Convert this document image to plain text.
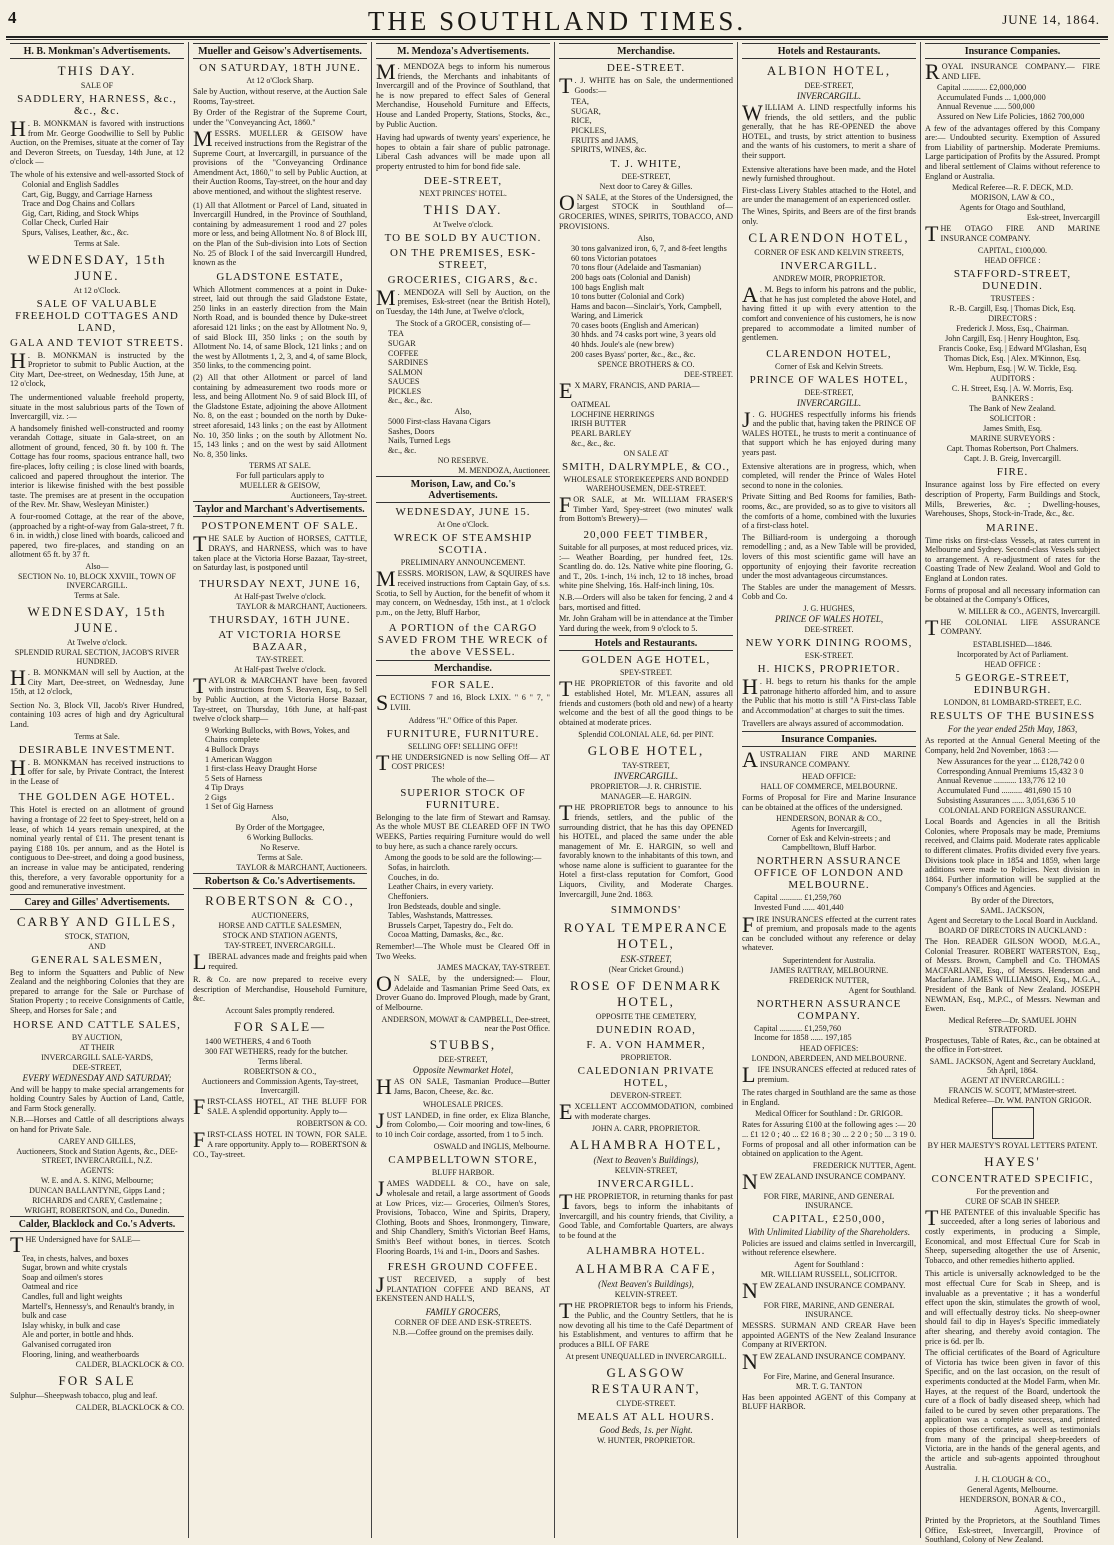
4	THE SOUTHLAND TIMES.	JUNE 14, 1864.
H. B. Monkman's Advertisements.
THIS DAY.
SALE OF
SADDLERY, HARNESS, &c., &c., &c.
H . B. MONKMAN is favored with instructions from Mr. George Goodwillie to Sell by Public Auction, on the Premises, situate at the corner of Tay and Deveron Streets, on Tuesday, 14th June, at 12 o'clock —
The whole of his extensive and well-assorted Stock of
Colonial and English Saddles
Cart, Gig, Buggy, and Carriage Harness
Trace and Dog Chains and Collars
Gig, Cart, Riding, and Stock Whips
Collar Check, Curled Hair
Spurs, Valises, Leather, &c., &c.
Terms at Sale.
WEDNESDAY, 15th JUNE.
At 12 o'Clock.
SALE OF VALUABLE FREEHOLD COTTAGES AND LAND,
GALA AND TEVIOT STREETS.
H . B. MONKMAN is instructed by the Proprietor to submit to Public Auction, at the City Mart, Dee-street, on Wednesday, 15th June, at 12 o'clock,
The undermentioned valuable freehold property, situate in the most salubrious parts of the Town of Invercargill, viz. :—
A handsomely finished well-constructed and roomy verandah Cottage, situate in Gala-street, on an allotment of ground, fenced, 30 ft. by 100 ft. The Cottage has four rooms, spacious entrance hall, two fire-places, lofty ceiling ; is close lined with boards, calicoed and papered throughout the interior. The interior is likewise finished with the best possible taste. The premises are at present in the occupation of the Rev. Mr. Shaw, Wesleyan Minister.)
A four-roomed Cottage, at the rear of the above, (approached by a right-of-way from Gala-street, 7 ft. 6 in. in width,) close lined with boards, calicoed and papered, two fire-places, and standing on an allotment 65 ft. by 37 ft.
Also—
SECTION No. 10, BLOCK XXVIII., TOWN OF INVERCARGILL.
Terms at Sale.
WEDNESDAY, 15th JUNE.
At Twelve o'clock.
SPLENDID RURAL SECTION, JACOB'S RIVER HUNDRED.
H . B. MONKMAN will sell by Auction, at the City Mart, Dee-street, on Wednesday, June 15th, at 12 o'clock,
Section No. 3, Block VII, Jacob's River Hundred, containing 103 acres of high and dry Agricultural Land.
Terms at Sale.
DESIRABLE INVESTMENT.
H . B. MONKMAN has received instructions to offer for sale, by Private Contract, the Interest in the Lease of
THE GOLDEN AGE HOTEL.
This Hotel is erected on an allotment of ground having a frontage of 22 feet to Spey-street, held on a lease, of which 14 years remain unexpired, at the nominal yearly rental of £11. The present tenant is paying £188 10s. per annum, and as the Hotel is contiguous to Dee-street, and doing a good business, an increase in value may be anticipated, rendering this, therefore, a very favorable opportunity for a good and remunerative investment.
Carey and Gilles' Advertisements.
CARBY AND GILLES,
STOCK, STATION,
AND
GENERAL SALESMEN,
Beg to inform the Squatters and Public of New Zealand and the neighboring Colonies that they are prepared to arrange for the Sale or Purchase of Station Property ; to receive Consignments of Cattle, Sheep, and Horses for Sale ; and
HORSE AND CATTLE SALES,
BY AUCTION,
AT THEIR
INVERCARGILL SALE-YARDS,
DEE-STREET,
EVERY WEDNESDAY AND SATURDAY;
And will be happy to make special arrangements for holding Country Sales by Auction of Land, Cattle, and Farm Stock generally.
N.B.—Horses and Cattle of all descriptions always on hand for Private Sale.
CAREY AND GILLES,
Auctioneers, Stock and Station Agents, &c., DEE-STREET, INVERCARGILL, N.Z.
AGENTS:
W. E. and A. S. KING, Melbourne;
DUNCAN BALLANTYNE, Gipps Land ;
RICHARDS and CAREY, Castlemaine ;
WRIGHT, ROBERTSON, and Co., Dunedin.
Calder, Blacklock and Co.'s Adverts.
THE Undersigned have for SALE—
Tea, in chests, halves, and boxes
Sugar, brown and white crystals
Soap and oilmen's stores
Oatmeal and rice
Candles, full and light weights
Martell's, Hennessy's, and Renault's brandy, in bulk and case
Islay whisky, in bulk and case
Ale and porter, in bottle and hhds.
Galvanised corrugated iron
Flooring, lining, and weatherboards
CALDER, BLACKLOCK & CO.
FOR SALE
Sulphur—Sheepwash tobacco, plug and leaf.
CALDER, BLACKLOCK & CO.
Mueller and Geisow's Advertisements.
ON SATURDAY, 18TH JUNE.
At 12 o'Clock Sharp.
Sale by Auction, without reserve, at the Auction Sale Rooms, Tay-street.
By Order of the Registrar of the Supreme Court, under the "Conveyancing Act, 1860."
MESSRS. MUELLER & GEISOW have received instructions from the Registrar of the Supreme Court, at Invercargill, in pursuance of the provisions of the "Conveyancing Ordinance Amendment Act, 1860," to sell by Public Auction, at their Auction Rooms, Tay-street, on the hour and day above mentioned, and without the slightest reserve.
(1) All that Allotment or Parcel of Land, situated in Invercargill Hundred, in the Province of Southland, containing by admeasurement 1 rood and 27 poles more or less, and being Allotment No. 8 of Block III, on the Plan of the Sub-division into Lots of Section No. 25 of Block I of the said Invercargill Hundred, known as the
GLADSTONE ESTATE,
Which Allotment commences at a point in Duke-street, laid out through the said Gladstone Estate, 250 links in an easterly direction from the Main North Road, and is bounded thence by Duke-street aforesaid 121 links ; on the east by Allotment No. 9, of said Block III, 350 links ; on the south by Allotment No. 14, of same Block, 121 links ; and on the west by Allotments 1, 2, 3, and 4, of same Block, 350 links, to the commencing point.
(2) All that other Allotment or parcel of land containing by admeasurement two roods more or less, and being Allotment No. 9 of said Block III, of the Gladstone Estate, adjoining the above Allotment No. 8, on the east ; bounded on the north by Duke-street aforesaid, 143 links ; on the east by Allotment No. 10, 350 links ; on the south by Allotment No. 15, 143 links ; and on the west by said Allotment No. 8, 350 links.
TERMS AT SALE.
For full particulars apply to
MUELLER & GEISOW,
Auctioneers, Tay-street.
Taylor and Marchant's Advertisements.
POSTPONEMENT OF SALE.
THE SALE by Auction of HORSES, CATTLE, DRAYS, and HARNESS, which was to have taken place at the Victoria Horse Bazaar, Tay-street, on Saturday last, is postponed until
THURSDAY NEXT, JUNE 16,
At Half-past Twelve o'clock.
TAYLOR & MARCHANT, Auctioneers.
THURSDAY, 16TH JUNE.
AT VICTORIA HORSE BAZAAR,
TAY-STREET.
At Half-past Twelve o'clock.
TAYLOR & MARCHANT have been favored with instructions from S. Beaven, Esq., to Sell by Public Auction, at the Victoria Horse Bazaar, Tay-street, on Thursday, 16th June, at half-past twelve o'clock sharp—
9 Working Bullocks, with Bows, Yokes, and Chains complete
4 Bullock Drays
1 American Waggon
1 first-class Heavy Draught Horse
5 Sets of Harness
4 Tip Drays
2 Gigs
1 Set of Gig Harness
Also,
By Order of the Mortgagee,
6 Working Bullocks.
No Reserve.
Terms at Sale.
TAYLOR & MARCHANT, Auctioneers.
Robertson & Co.'s Advertisements.
ROBERTSON & CO.,
AUCTIONEERS,
HORSE AND CATTLE SALESMEN,
STOCK AND STATION AGENTS,
TAY-STREET, INVERCARGILL.
LIBERAL advances made and freights paid when required.
R. & Co. are now prepared to receive every description of Merchandise, Household Furniture, &c.
Account Sales promptly rendered.
FOR SALE—
1400 WETHERS, 4 and 6 Tooth
300 FAT WETHERS, ready for the butcher.
Terms liberal.
ROBERTSON & CO.,
Auctioneers and Commission Agents, Tay-street, Invercargill.
FIRST-CLASS HOTEL, AT THE BLUFF FOR SALE. A splendid opportunity. Apply to—
ROBERTSON & CO.
FIRST-CLASS HOTEL IN TOWN, FOR SALE. A rare opportunity. Apply to— ROBERTSON & CO., Tay-street.
M. Mendoza's Advertisements.
M . MENDOZA begs to inform his numerous friends, the Merchants and inhabitants of Invercargill and of the Province of Southland, that he is now prepared to effect Sales of General Merchandise, Household Furniture and Effects, House and Landed Property, Stations, Stocks, &c., by Public Auction.
Having had upwards of twenty years' experience, he hopes to obtain a fair share of public patronage. Liberal Cash advances will be made upon all property entrusted to him for bond fide sale.
DEE-STREET,
NEXT PRINCES' HOTEL.
THIS DAY.
At Twelve o'clock.
TO BE SOLD BY AUCTION.
ON THE PREMISES, ESK-STREET,
GROCERIES, CIGARS, &c.
M . MENDOZA will Sell by Auction, on the premises, Esk-street (near the British Hotel), on Tuesday, the 14th June, at Twelve o'clock,
The Stock of a GROCER, consisting of—
TEA
SUGAR
COFFEE
SARDINES
SALMON
SAUCES
PICKLES
&c., &c., &c.
Also,
5000 First-class Havana Cigars
Sashes, Doors
Nails, Turned Legs
&c., &c.
NO RESERVE.
M. MENDOZA, Auctioneer.
Morison, Law, and Co.'s Advertisements.
WEDNESDAY, JUNE 15.
At One o'Clock.
WRECK OF STEAMSHIP SCOTIA.
PRELIMINARY ANNOUNCEMENT.
MESSRS. MORISON, LAW, & SQUIRES have received instructions from Captain Gay, of s.s. Scotia, to Sell by Auction, for the benefit of whom it may concern, on Wednesday, 15th inst., at 1 o'clock p.m., on the Jetty, Bluff Harbor,
A PORTION of the CARGO SAVED FROM THE WRECK of the above VESSEL.
Merchandise.
FOR SALE.
SECTIONS 7 and 16, Block LXIX. " 6 " 7, " LVIII.
Address "H." Office of this Paper.
FURNITURE, FURNITURE.
SELLING OFF! SELLING OFF!!
THE UNDERSIGNED is now Selling Off— AT COST PRICES!
The whole of the—
SUPERIOR STOCK OF FURNITURE.
Belonging to the late firm of Stewart and Ramsay. As the whole MUST BE CLEARED OFF IN TWO WEEKS, Parties requiring Furniture would do well to buy here, as such a chance rarely occurs.
Among the goods to be sold are the following:—
Sofas, in haircloth.
Couches, in do.
Leather Chairs, in every variety.
Cheffoniers.
Iron Bedsteads, double and single.
Tables, Washstands, Mattresses.
Brussels Carpet, Tapestry do., Felt do.
Cocoa Matting, Damasks, &c., &c.
Remember!—The Whole must be Cleared Off in Two Weeks.
JAMES MACKAY, TAY-STREET.
O N SALE, by the undersigned:— Flour, Adelaide and Tasmanian Prime Seed Oats, ex Drover Guano do. Improved Plough, made by Grant, of Melbourne.
ANDERSON, MOWAT & CAMPBELL, Dee-street, near the Post Office.
STUBBS,
DEE-STREET,
Opposite Newmarket Hotel,
HAS ON SALE, Tasmanian Produce—Butter Jams, Bacon, Cheese, &c. &c.
WHOLESALE PRICES.
JUST LANDED, in fine order, ex Eliza Blanche, from Colombo,— Coir mooring and tow-lines, 6 to 10 inch Coir cordage, assorted, from 1 to 5 inch.
OSWALD and INGLIS, Melbourne.
CAMPBELLTOWN STORE,
BLUFF HARBOR.
JAMES WADDELL & CO., have on sale, wholesale and retail, a large assortment of Goods at Low Prices, viz:— Groceries, Oilmen's Stores, Provisions, Tobacco, Wine and Spirits, Drapery, Clothing, Boots and Shoes, Ironmongery, Tinware, and Ship Chandlery, Smith's Victorian Beef Hams, Smith's Beef without bones, in tierces. Scotch Flooring Boards, 1¼ and 1-in., Doors and Sashes.
FRESH GROUND COFFEE.
JUST RECEIVED, a supply of best PLANTATION COFFEE AND BEANS, AT EKENSTEEN AND HALL'S,
FAMILY GROCERS,
CORNER OF DEE AND ESK-STREETS.
N.B.—Coffee ground on the premises daily.
Merchandise.
DEE-STREET.
T . J. WHITE has on Sale, the undermentioned Goods:—
TEA,
SUGAR,
RICE,
PICKLES,
FRUITS and JAMS,
SPIRITS, WINES, &c.
T. J. WHITE,
DEE-STREET,
Next door to Carey & Gilles.
O N SALE, at the Stores of the Undersigned, the largest STOCK in Southland of— GROCERIES, WINES, SPIRITS, TOBACCO, AND PROVISIONS.
Also,
30 tons galvanized iron, 6, 7, and 8-feet lengths
60 tons Victorian potatoes
70 tons flour (Adelaide and Tasmanian)
200 bags oats (Colonial and Danish)
100 bags English malt
10 tons butter (Colonial and Cork)
Hams and bacon—Sinclair's, York, Campbell, Waring, and Limerick
70 cases boots (English and American)
30 hhds. and 74 casks port wine, 3 years old
40 hhds. Joule's ale (new brew)
200 cases Byass' porter, &c., &c., &c.
SPENCE BROTHERS & CO.
DEE-STREET.
E X MARY, FRANCIS, AND PARIA—
OATMEAL
LOCHFINE HERRINGS
IRISH BUTTER
PEARL BARLEY
&c., &c., &c.
ON SALE AT
SMITH, DALRYMPLE, & CO.,
WHOLESALE STOREKEEPERS AND BONDED WAREHOUSEMEN, DEE-STREET.
FOR SALE, at Mr. WILLIAM FRASER'S Timber Yard, Spey-street (two minutes' walk from Bottom's Brewery)—
20,000 FEET TIMBER,
Suitable for all purposes, at most reduced prices, viz. :— Weather Boarding, per hundred feet, 12s. Scantling do. do. 12s. Native white pine flooring, G. and T., 20s. 1-inch, 1¼ inch, 12 to 18 inches, broad white pine Shelving, 16s. Half-inch lining, 10s.
N.B.—Orders will also be taken for fencing, 2 and 4 bars, mortised and fitted.
Mr. John Graham will be in attendance at the Timber Yard during the week, from 9 o'clock to 5.
Hotels and Restaurants.
GOLDEN AGE HOTEL,
SPEY-STREET.
THE PROPRIETOR of this favorite and old established Hotel, Mr. M'LEAN, assures all friends and customers (both old and new) of a hearty welcome and the best of all the good things to be obtained at moderate prices.
Splendid COLONIAL ALE, 6d. per PINT.
GLOBE HOTEL,
TAY-STREET,
INVERCARGILL.
PROPRIETOR—J. R. CHRISTIE.
MANAGER—E. HARGIN.
THE PROPRIETOR begs to announce to his friends, settlers, and the public of the surrounding district, that he has this day OPENED his HOTEL, and placed the same under the able management of Mr. E. HARGIN, so well and favorably known to the inhabitants of this town, and whose name alone is sufficient to guarantee for the Hotel a first-class reputation for Comfort, Good Liquors, Civility, and Moderate Charges. Invercargill, June 2nd. 1863.
SIMMONDS'
ROYAL TEMPERANCE HOTEL,
ESK-STREET,
(Near Cricket Ground.)
ROSE OF DENMARK HOTEL,
OPPOSITE THE CEMETERY,
DUNEDIN ROAD,
F. A. VON HAMMER,
PROPRIETOR.
CALEDONIAN PRIVATE HOTEL,
DEVERON-STREET.
EXCELLENT ACCOMMODATION, combined with moderate charges.
JOHN A. CARR, PROPRIETOR.
ALHAMBRA HOTEL,
(Next to Beaven's Buildings),
KELVIN-STREET,
INVERCARGILL.
THE PROPRIETOR, in returning thanks for past favors, begs to inform the inhabitants of Invercargill, and his country friends, that Civility, a Good Table, and Comfortable Quarters, are always to be found at the
ALHAMBRA HOTEL.
ALHAMBRA CAFE,
(Next Beaven's Buildings),
KELVIN-STREET.
THE PROPRIETOR begs to inform his Friends, the Public, and the Country Settlers, that he is now devoting all his time to the Café Department of his Establishment, and ventures to affirm that he produces a BILL OF FARE
At present UNEQUALLED in INVERCARGILL.
GLASGOW RESTAURANT,
CLYDE-STREET.
MEALS AT ALL HOURS.
Good Beds, 1s. per Night.
W. HUNTER, PROPRIETOR.
Hotels and Restaurants.
ALBION HOTEL,
DEE-STREET,
INVERCARGILL.
WILLIAM A. LIND respectfully informs his friends, the old settlers, and the public generally, that he has RE-OPENED the above HOTEL, and trusts, by strict attention to business and the wants of his customers, to merit a share of their support.
Extensive alterations have been made, and the Hotel newly furnished throughout.
First-class Livery Stables attached to the Hotel, and are under the management of an experienced ostler.
The Wines, Spirits, and Beers are of the first brands only.
CLARENDON HOTEL,
CORNER OF ESK AND KELVIN STREETS,
INVERCARGILL.
ANDREW MOIR, PROPRIETOR.
A . M. Begs to inform his patrons and the public, that he has just completed the above Hotel, and having fitted it up with every attention to the comfort and convenience of his customers, he is now prepared to accommodate a limited number of gentlemen.
CLARENDON HOTEL,
Corner of Esk and Kelvin Streets.
PRINCE OF WALES HOTEL,
DEE-STREET,
INVERCARGILL.
J . G. HUGHES respectfully informs his friends and the public that, having taken the PRINCE OF WALES HOTEL, he trusts to merit a continuance of that support which he has enjoyed during many years past.
Extensive alterations are in progress, which, when completed, will render the Prince of Wales Hotel second to none in the colonies.
Private Sitting and Bed Rooms for families, Bath-rooms, &c., are provided, so as to give to visitors all the comforts of a home, combined with the luxuries of a first-class hotel.
The Billiard-room is undergoing a thorough remodelling ; and, as a New Table will be provided, lovers of this most scientific game will have an opportunity of enjoying their favorite recreation under the most advantageous circumstances.
The Stables are under the management of Messrs. Cobb and Co.
J. G. HUGHES,
PRINCE OF WALES HOTEL,
DEE-STREET.
NEW YORK DINING ROOMS,
ESK-STREET.
H. HICKS, PROPRIETOR.
H . H. begs to return his thanks for the ample patronage hitherto afforded him, and to assure the Public that his motto is still "A First-class Table and Accommodation" at charges to suit the times.
Travellers are always assured of accommodation.
Insurance Companies.
AUSTRALIAN FIRE AND MARINE INSURANCE COMPANY.
HEAD OFFICE:
HALL OF COMMERCE, MELBOURNE.
Forms of Proposal for Fire and Marine Insurance can be obtained at the offices of the undersigned.
HENDERSON, BONAR & CO.,
Agents for Invercargill,
Corner of Esk and Kelvin-streets ; and Campbelltown, Bluff Harbor.
NORTHERN ASSURANCE OFFICE OF LONDON AND MELBOURNE.
Capital ........... £1,259,760
Invested Fund ...... 401,440
FIRE INSURANCES effected at the current rates of premium, and proposals made to the agents can be concluded without any reference or delay whatever.
Superintendent for Australia.
JAMES RATTRAY, MELBOURNE.
FREDERICK NUTTER,
Agent for Southland.
NORTHERN ASSURANCE COMPANY.
Capital ........... £1,259,760
Income for 1858 ...... 197,185
HEAD OFFICES:
LONDON, ABERDEEN, AND MELBOURNE.
LIFE INSURANCES effected at reduced rates of premium.
The rates charged in Southland are the same as those in England.
Medical Officer for Southland : Dr. GRIGOR.
Rates for Assuring £100 at the following ages :— 20 ... £1 12 0 ; 40 ... £2 16 8 ; 30 ... 2 2 0 ; 50 ... 3 19 0. Forms of proposal and all other information can be obtained on application to the Agent.
FREDERICK NUTTER, Agent.
NEW ZEALAND INSURANCE COMPANY.
FOR FIRE, MARINE, AND GENERAL INSURANCE.
CAPITAL, £250,000,
With Unlimited Liability of the Shareholders.
Policies are issued and claims settled in Invercargill, without reference elsewhere.
Agent for Southland :
MR. WILLIAM RUSSELL, SOLICITOR.
NEW ZEALAND INSURANCE COMPANY.
FOR FIRE, MARINE, AND GENERAL INSURANCE.
MESSRS. SURMAN AND CREAR Have been appointed AGENTS of the New Zealand Insurance Company at RIVERTON.
NEW ZEALAND INSURANCE COMPANY.
For Fire, Marine, and General Insurance.
MR. T. G. TANTON
Has been appointed AGENT of this Company at BLUFF HARBOR.
Insurance Companies.
ROYAL INSURANCE COMPANY.— FIRE AND LIFE.
Capital ............ £2,000,000
Accumulated Funds ... 1,000,000
Annual Revenue ...... 500,000
Assured on New Life Policies, 1862 700,000
A few of the advantages offered by this Company are:— Undoubted security. Exemption of Assured from Liability of partnership. Moderate Premiums. Large participation of Profits by the Assured. Prompt and liberal settlement of Claims without reference to England or Australia.
Medical Referee—R. F. DECK, M.D.
MORISON, LAW & CO.,
Agents for Otago and Southland,
Esk-street, Invercargill
THE OTAGO FIRE AND MARINE INSURANCE COMPANY.
CAPITAL, £100,000.
HEAD OFFICE :
STAFFORD-STREET, DUNEDIN.
TRUSTEES :
R.-B. Cargill, Esq. | Thomas Dick, Esq.
DIRECTORS :
Frederick J. Moss, Esq., Chairman.
John Cargill, Esq. | Henry Houghton, Esq.
Francis Cooke, Esq. | Edward M'Glashan, Esq
Thomas Dick, Esq. | Alex. M'Kinnon, Esq.
Wm. Hepburn, Esq. | W. W. Tickle, Esq.
AUDITORS :
C. H. Street, Esq. | A. W. Morris, Esq.
BANKERS :
The Bank of New Zealand.
SOLICITOR :
James Smith, Esq.
MARINE SURVEYORS :
Capt. Thomas Robertson, Port Chalmers.
Capt. J. B. Greig, Invercargill.
FIRE.
Insurance against loss by Fire effected on every description of Property, Farm Buildings and Stock, Mills, Breweries, &c. ; Dwelling-houses, Warehouses, Shops, Stock-in-Trade, &c., &c.
MARINE.
Time risks on first-class Vessels, at rates current in Melbourne and Sydney. Second-class Vessels subject to arrangement. A re-adjustment of rates for the Coasting Trade of New Zealand. Wool and Gold to England at London rates.
Forms of proposal and all necessary information can be obtained at the Company's Offices,
W. MILLER & CO., AGENTS, Invercargill.
THE COLONIAL LIFE ASSURANCE COMPANY.
ESTABLISHED—1846.
Incorporated by Act of Parliament.
HEAD OFFICE :
5 GEORGE-STREET, EDINBURGH.
LONDON, 81 LOMBARD-STREET, E.C.
RESULTS OF THE BUSINESS
For the year ended 25th May, 1863,
As reported at the Annual General Meeting of the Company, held 2nd November, 1863 :—
New Assurances for the year ... £128,742 0 0
Corresponding Annual Premiums 15,432 3 0
Annual Revenue ........... 133,776 12 10
Accumulated Fund .......... 481,690 15 10
Subsisting Assurances ...... 3,051,636 5 10
COLONIAL AND FOREIGN ASSURANCE.
Local Boards and Agencies in all the British Colonies, where Proposals may be made, Premiums received, and Claims paid. Moderate rates applicable to different climates. Profits divided every five years. Divisions took place in 1854 and 1859, when large additions were made to Policies. Next division in 1864. Further information will be supplied at the Company's Offices and Agencies.
By order of the Directors,
SAML. JACKSON,
Agent and Secretary to the Local Board in Auckland.
BOARD OF DIRECTORS IN AUCKLAND :
The Hon. READER GILSON WOOD, M.G.A., Colonial Treasurer. ROBERT WATERSTON, Esq., of Messrs. Brown, Campbell and Co. THOMAS MACFARLANE, Esq., of Messrs. Henderson and Macfarlane. JAMES WILLIAMSON, Esq., M.G.A., President of the Bank of New Zealand. JOSEPH NEWMAN, Esq., M.P.C., of Messrs. Newman and Ewen.
Medical Referee—Dr. SAMUEL JOHN STRATFORD.
Prospectuses, Table of Rates, &c., can be obtained at the office in Fort-street.
SAML. JACKSON, Agent and Secretary Auckland, 5th April, 1864.
AGENT AT INVERCARGILL :
FRANCIS W. SCOTT, M'Master-street.
Medical Referee—Dr. WM. PANTON GRIGOR.
BY HER MAJESTY'S ROYAL LETTERS PATENT.
HAYES'
CONCENTRATED SPECIFIC,
For the prevention and
CURE OF SCAB IN SHEEP.
THE PATENTEE of this invaluable Specific has succeeded, after a long series of laborious and costly experiments, in producing a Simple, Economical, and most Effectual Cure for Scab in Sheep, superseding altogether the use of Arsenic, Tobacco, and other remedies hitherto applied.
This article is universally acknowledged to be the most effectual Cure for Scab in Sheep, and is invaluable as a preventative ; it has a wonderful effect upon the skin, stimulates the growth of wool, and will effectually destroy ticks. No sheep-owner should fail to dip in Hayes's Specific immediately after shearing, and thereby avoid contagion. The price is 6d. per lb.
The official certificates of the Board of Agriculture of Victoria has twice been given in favor of this Specific, and on the last occasion, on the result of experiments conducted at the Model Farm, when Mr. Hayes, at the request of the Board, undertook the cure of a flock of badly diseased sheep, which had failed to be cured by seven other preparations. The application was a complete success, and printed copies of those certificates, as well as testimonials from many of the principal sheep-breeders of Victoria, are in the hands of the general agents, and the article and sub-agents appointed throughout Australia.
J. H. CLOUGH & CO.,
General Agents, Melbourne.
HENDERSON, BONAR & CO.,
Agents, Invercargill.
Printed by the Proprietors, at the Southland Times Office, Esk-street, Invercargill, Province of Southland, Colony of New Zealand.
